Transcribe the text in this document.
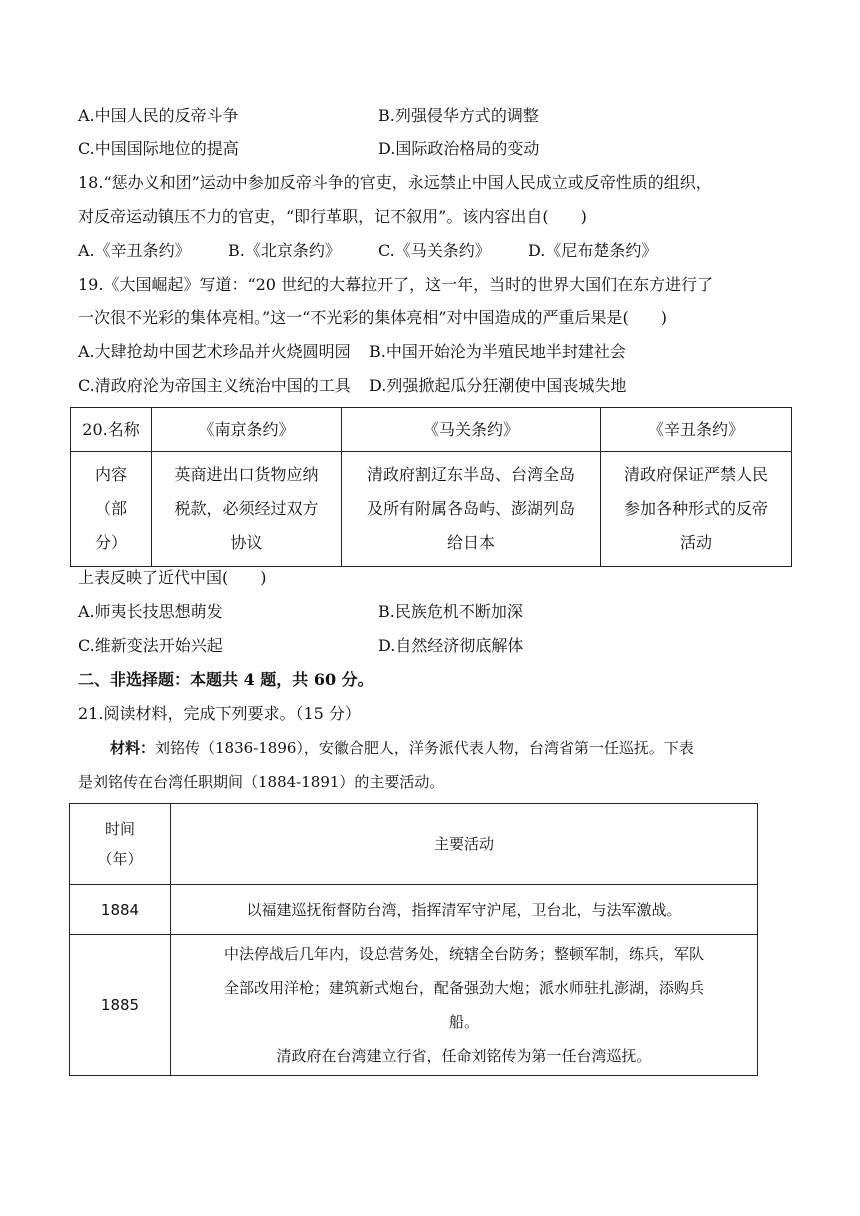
A.中国人民的反帝斗争	B.列强侵华方式的调整
C.中国国际地位的提高	D.国际政治格局的变动
18.“惩办义和团”运动中参加反帝斗争的官吏，永远禁止中国人民成立或反帝性质的组织，
对反帝运动镇压不力的官吏，“即行革职，记不叙用”。该内容出自(　　)
A.《辛丑条约》 B.《北京条约》 C.《马关条约》 D.《尼布楚条约》
19.《大国崛起》写道：“20 世纪的大幕拉开了，这一年，当时的世界大国们在东方进行了
一次很不光彩的集体亮相。”这一“不光彩的集体亮相”对中国造成的严重后果是(　　)
A.大肆抢劫中国艺术珍品并火烧圆明园 B.中国开始沦为半殖民地半封建社会
C.清政府沦为帝国主义统治中国的工具 D.列强掀起瓜分狂潮使中国丧城失地
20.名称	《南京条约》	《马关条约》	《辛丑条约》
内容
（部
分）	英商进出口货物应纳
税款，必须经过双方
协议	清政府割辽东半岛、台湾全岛
及所有附属各岛屿、澎湖列岛
给日本	清政府保证严禁人民
参加各种形式的反帝
活动
上表反映了近代中国(　　)
A.师夷长技思想萌发	B.民族危机不断加深
C.维新变法开始兴起	D.自然经济彻底解体
二、非选择题：本题共 4 题，共 60 分。
21.阅读材料，完成下列要求。（15 分）
材料：刘铭传（1836-1896），安徽合肥人，洋务派代表人物，台湾省第一任巡抚。下表
是刘铭传在台湾任职期间（1884-1891）的主要活动。
时间
（年）	主要活动
1884	以福建巡抚衔督防台湾，指挥清军守沪尾，卫台北，与法军激战。
1885	中法停战后几年内，设总营务处，统辖全台防务；整顿军制，练兵，军队
全部改用洋枪；建筑新式炮台，配备强劲大炮；派水师驻扎澎湖，添购兵
船。
清政府在台湾建立行省，任命刘铭传为第一任台湾巡抚。
